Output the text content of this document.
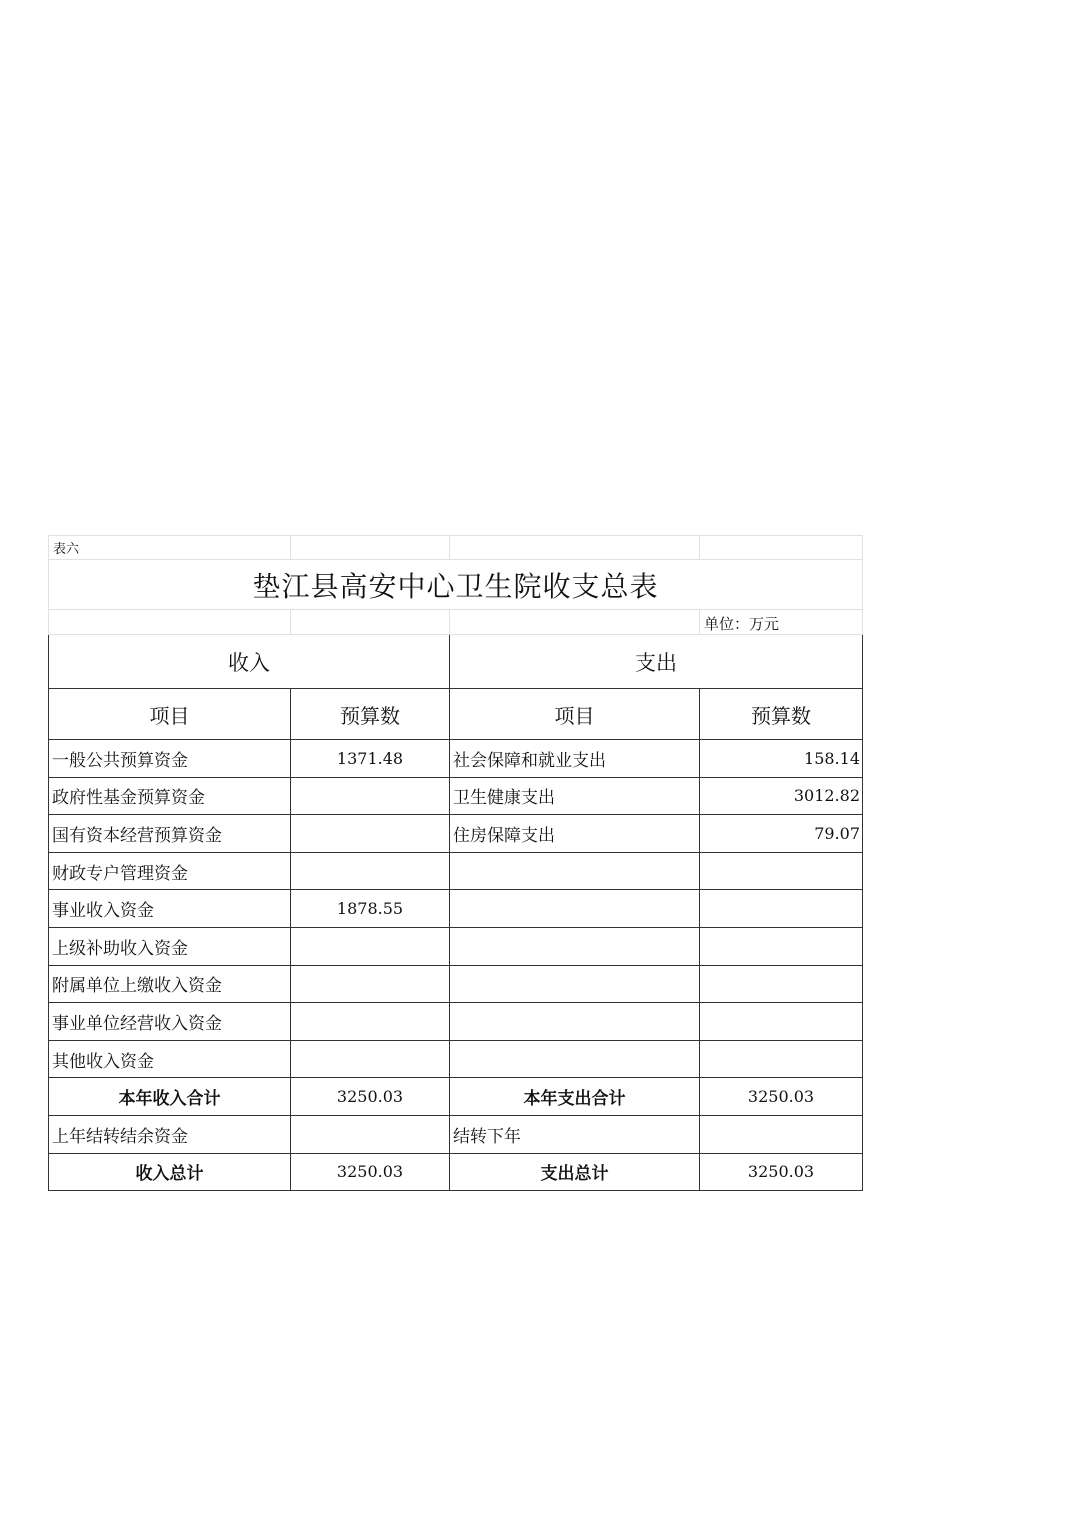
表六			
垫江县高安中心卫生院收支总表			
			单位：万元
收入		支出	
项目	预算数	项目	预算数
一般公共预算资金	1371.48	社会保障和就业支出	158.14
政府性基金预算资金		卫生健康支出	3012.82
国有资本经营预算资金		住房保障支出	79.07
财政专户管理资金			
事业收入资金	1878.55		
上级补助收入资金			
附属单位上缴收入资金			
事业单位经营收入资金			
其他收入资金			
本年收入合计	3250.03	本年支出合计	3250.03
上年结转结余资金		结转下年	
收入总计	3250.03	支出总计	3250.03
